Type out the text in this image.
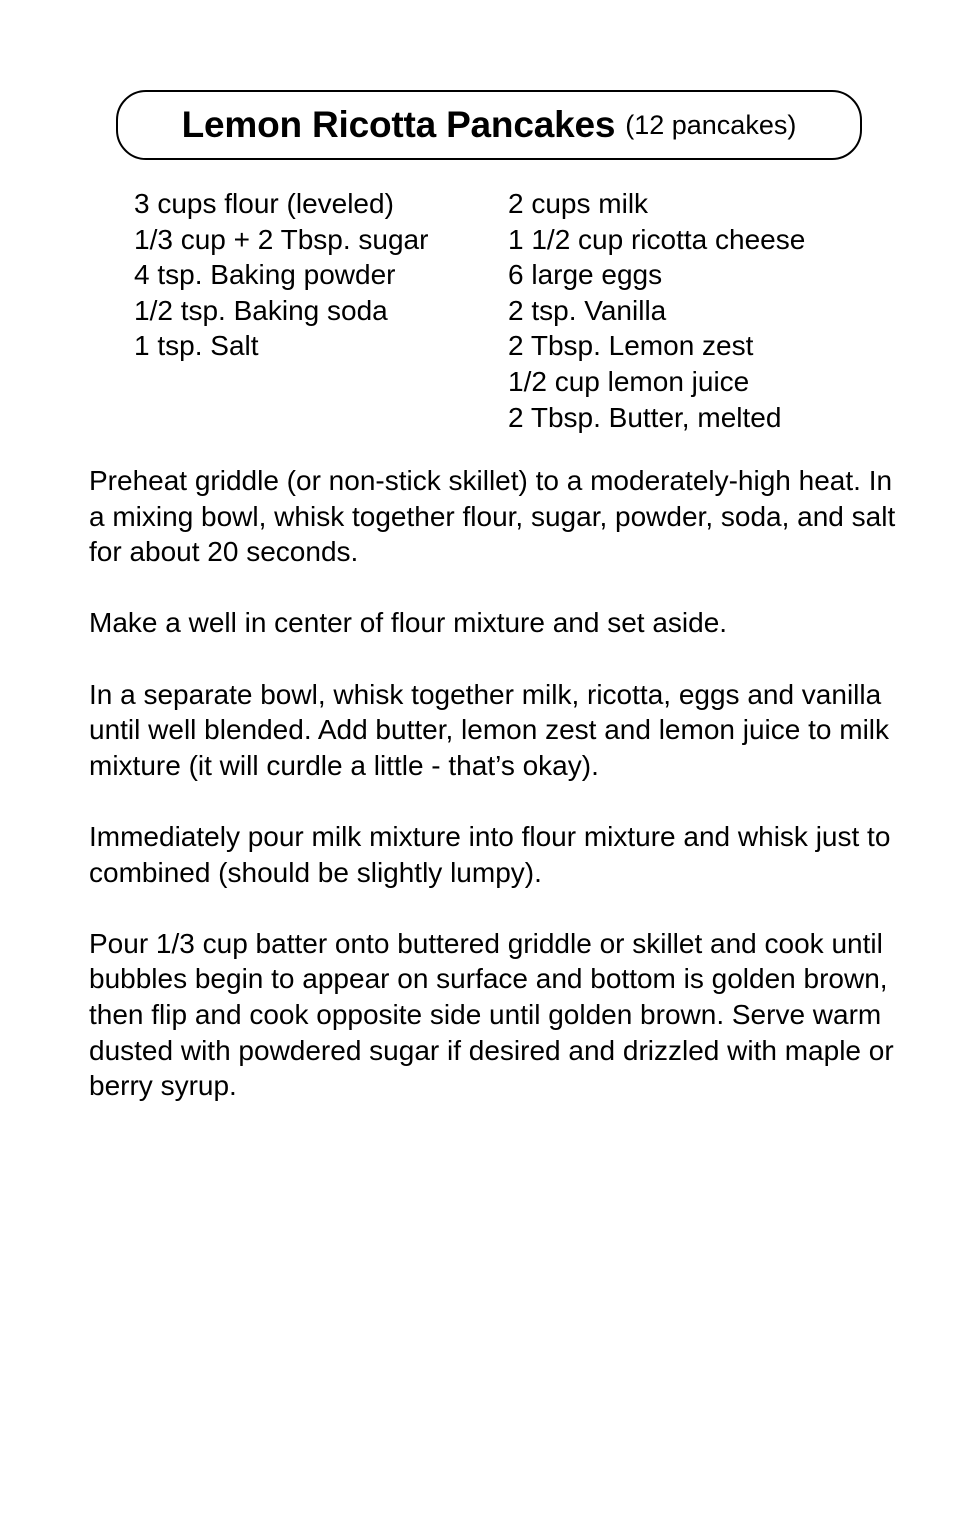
Lemon Ricotta Pancakes (12 pancakes)
3 cups flour (leveled)
1/3 cup + 2 Tbsp. sugar
4 tsp. Baking powder
1/2 tsp. Baking soda
1 tsp. Salt
2 cups milk
1 1/2 cup ricotta cheese
6 large eggs
2 tsp. Vanilla
2 Tbsp. Lemon zest
1/2 cup lemon juice
2 Tbsp. Butter, melted

Preheat griddle (or non-stick skillet) to a moderately-high heat. In a mixing bowl, whisk together flour, sugar, powder, soda, and salt for about 20 seconds.

Make a well in center of flour mixture and set aside.

In a separate bowl, whisk together milk, ricotta, eggs and vanilla until well blended. Add butter, lemon zest and lemon juice to milk mixture (it will curdle a little - that’s okay).

Immediately pour milk mixture into flour mixture and whisk just to combined (should be slightly lumpy).

Pour 1/3 cup batter onto buttered griddle or skillet and cook until bubbles begin to appear on surface and bottom is golden brown, then flip and cook opposite side until golden brown. Serve warm dusted with powdered sugar if desired and drizzled with maple or berry syrup.
